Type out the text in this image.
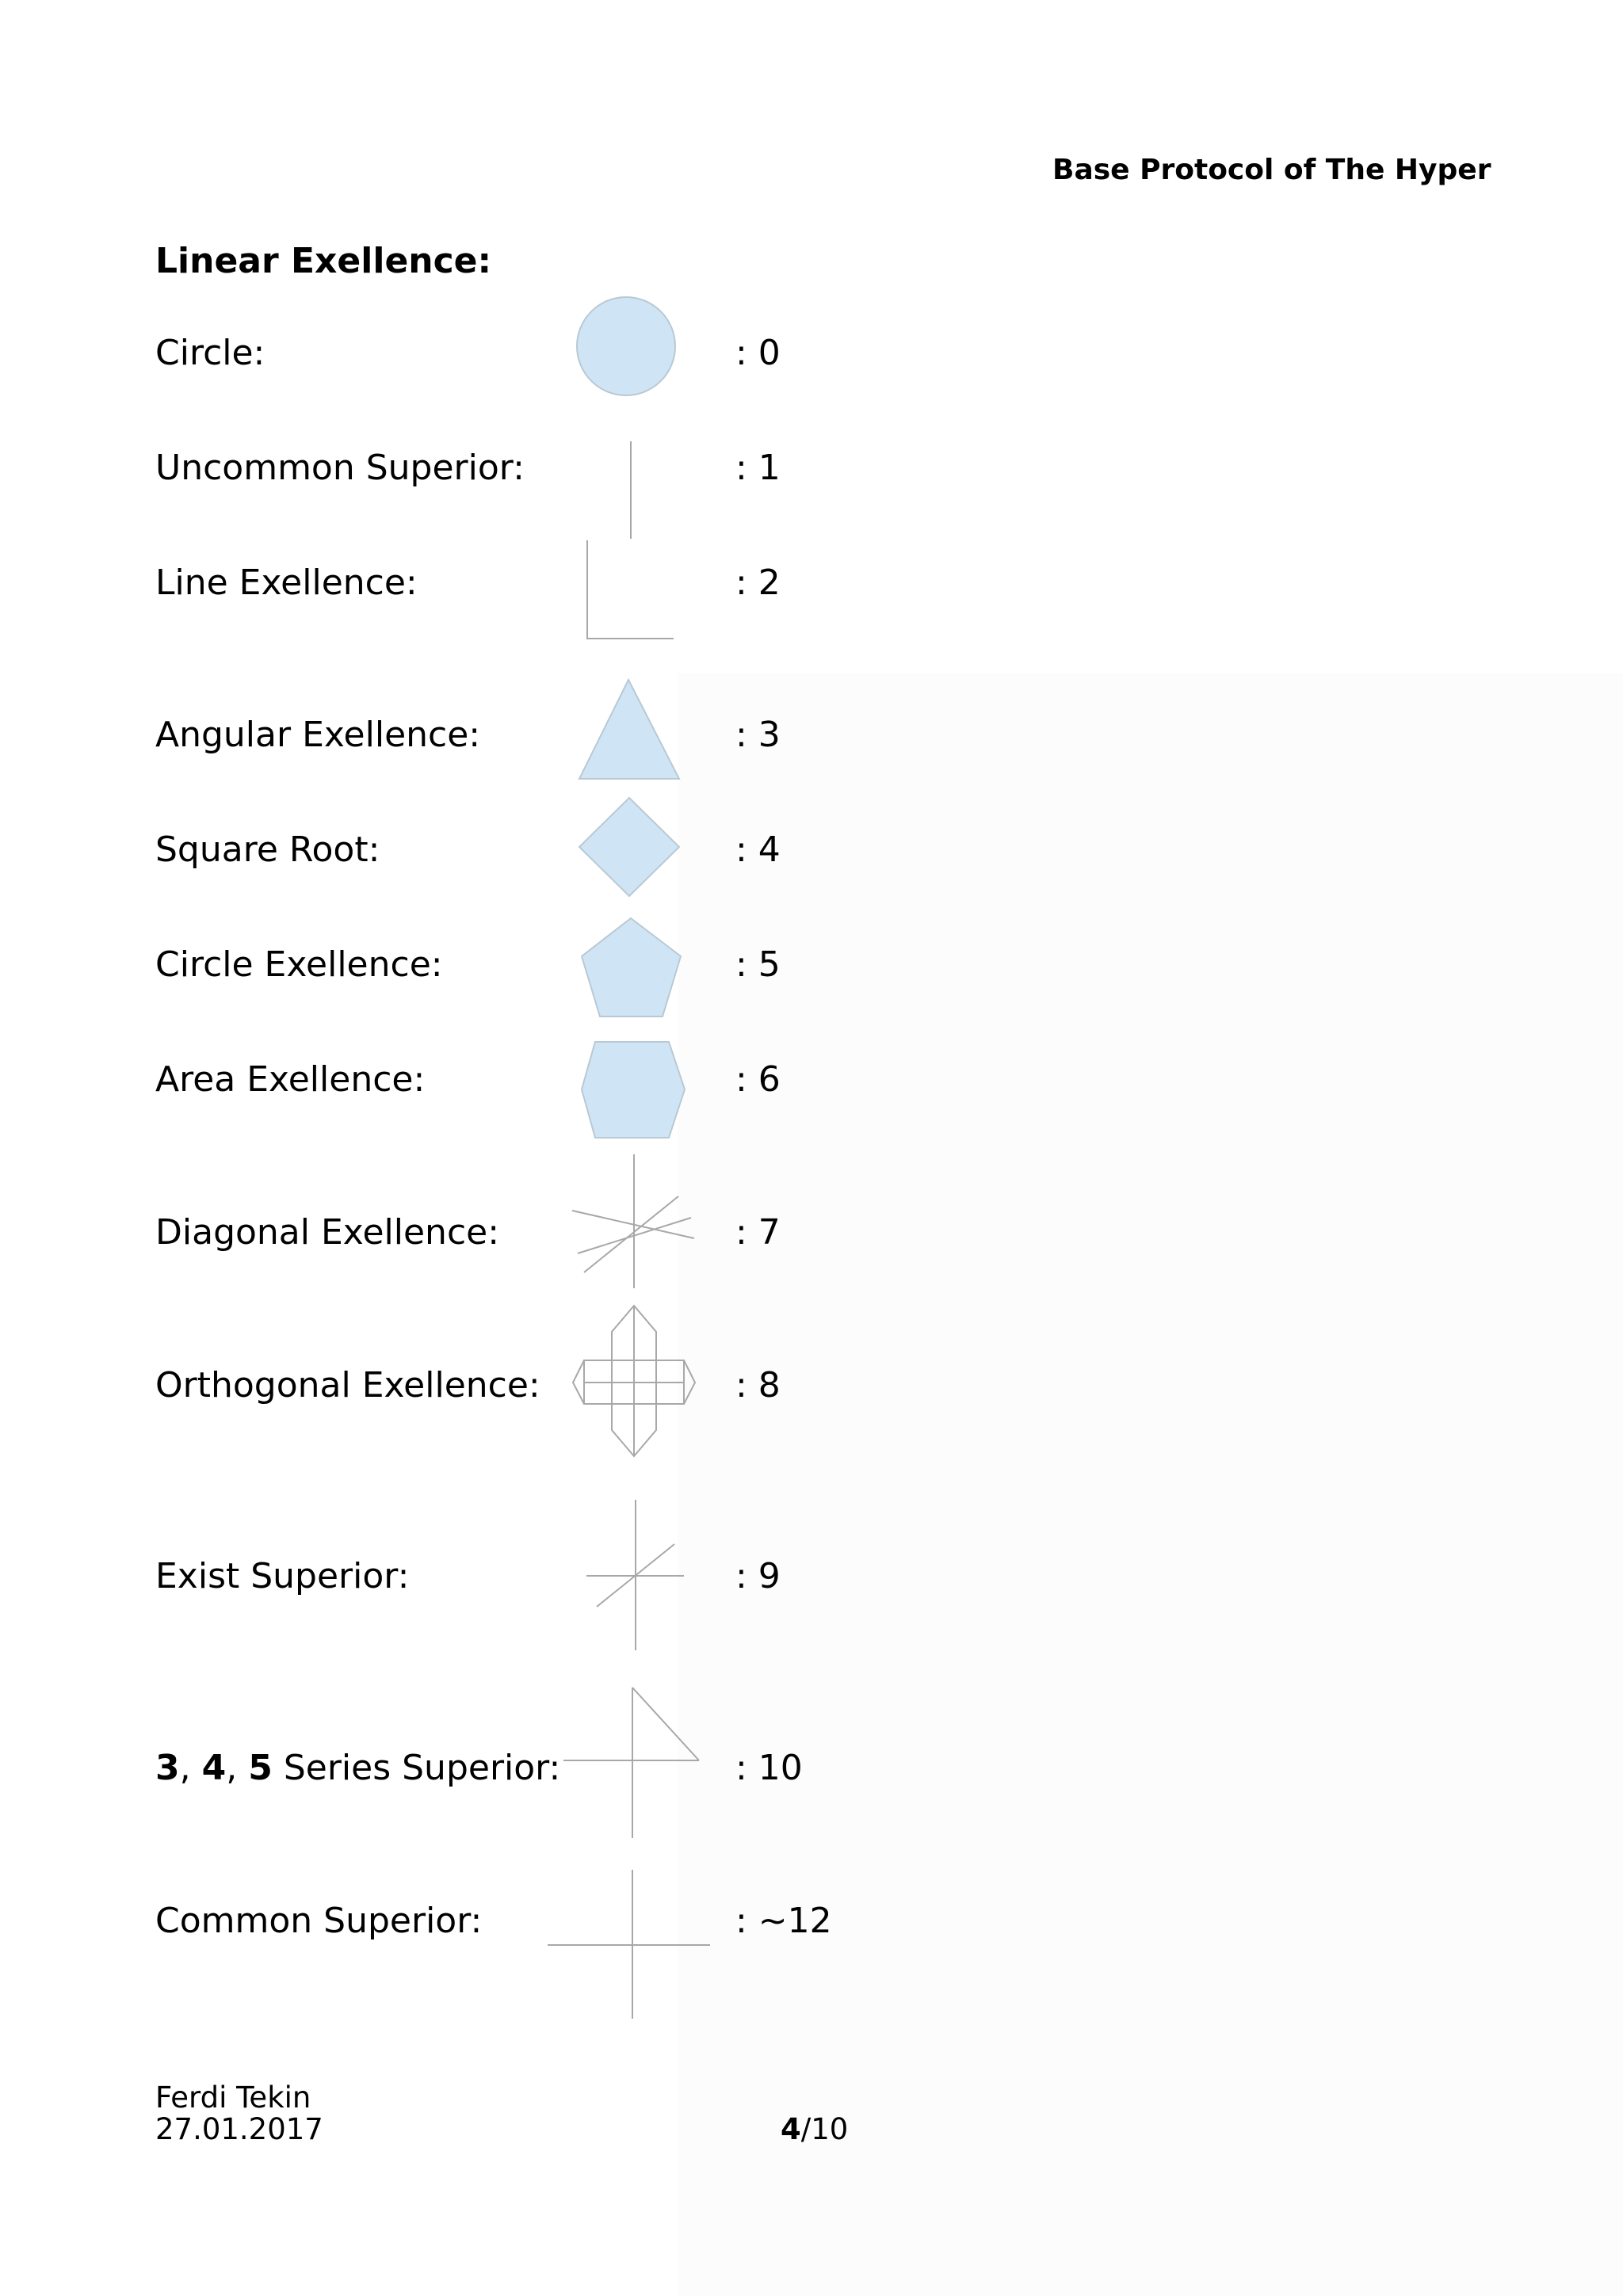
Base Protocol of The Hyper
Linear Exellence:
Circle:
Uncommon Superior:
Line Exellence:
Angular Exellence:
Square Root:
Circle Exellence:
Area Exellence:
Diagonal Exellence:
Orthogonal Exellence:
Exist Superior:
3, 4, 5 Series Superior:
Common Superior:
: 0
: 1
: 2
: 3
: 4
: 5
: 6
: 7
: 8
: 9
: 10
: ~12
Ferdi Tekin
27.01.2017	4/10
